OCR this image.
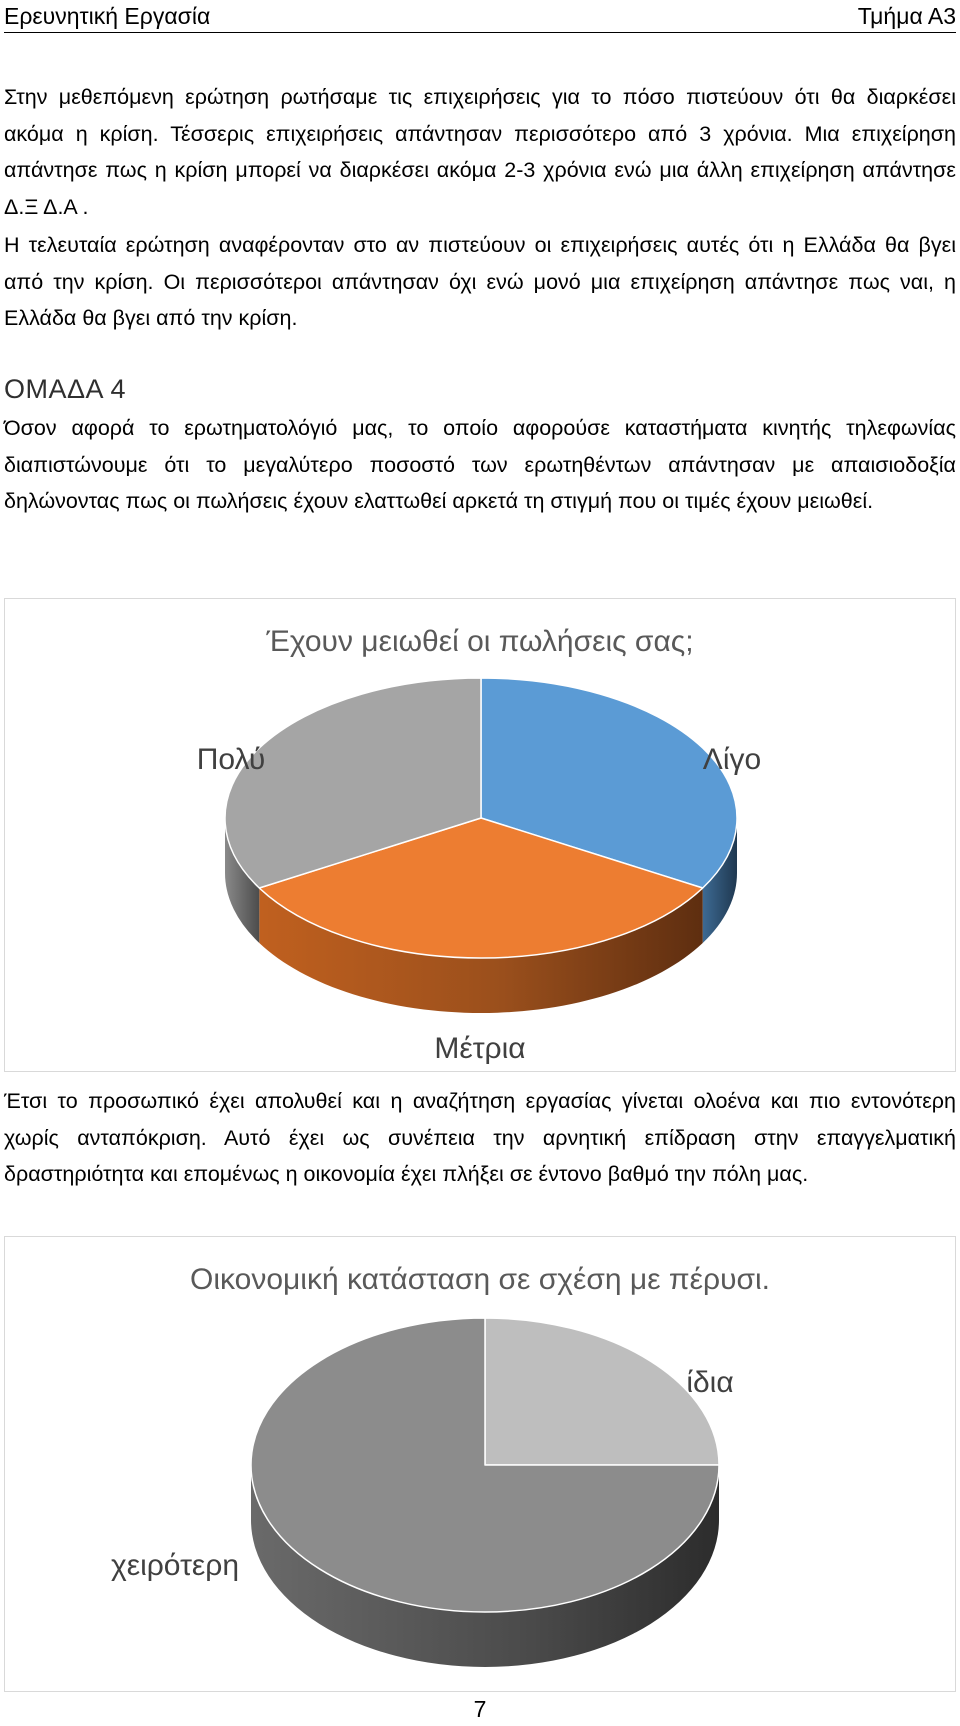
Ερευνητική Εργασία	Τμήμα Α3

Στην μεθεπόμενη ερώτηση ρωτήσαμε τις επιχειρήσεις για το πόσο πιστεύουν ότι θα διαρκέσει ακόμα η κρίση. Τέσσερις επιχειρήσεις απάντησαν περισσότερο από 3 χρόνια. Μια επιχείρηση απάντησε πως η κρίση μπορεί να διαρκέσει ακόμα 2-3 χρόνια ενώ μια άλλη επιχείρηση απάντησε Δ.Ξ Δ.Α .

Η τελευταία ερώτηση αναφέρονταν στο αν πιστεύουν οι επιχειρήσεις αυτές ότι η Ελλάδα θα βγει από την κρίση. Οι περισσότεροι απάντησαν όχι ενώ μονό μια επιχείρηση απάντησε πως ναι, η Ελλάδα θα βγει από την κρίση.

ΟΜΑΔΑ 4

Όσον αφορά το ερωτηματολόγιό μας, το οποίο αφορούσε καταστήματα κινητής τηλεφωνίας διαπιστώνουμε ότι το μεγαλύτερο ποσοστό των ερωτηθέντων απάντησαν με απαισιοδοξία δηλώνοντας πως οι πωλήσεις έχουν ελαττωθεί αρκετά τη στιγμή που οι τιμές έχουν μειωθεί.

Έχουν μειωθεί οι πωλήσεις σας;
Λίγο
Μέτρια
Πολύ

Έτσι το προσωπικό έχει απολυθεί και η αναζήτηση εργασίας γίνεται ολοένα και πιο εντονότερη χωρίς ανταπόκριση. Αυτό έχει ως συνέπεια την αρνητική επίδραση στην επαγγελματική δραστηριότητα και επομένως η οικονομία έχει πλήξει σε έντονο βαθμό την πόλη μας.

Οικονομική κατάσταση σε σχέση με πέρυσι.
ίδια
χειρότερη
7
